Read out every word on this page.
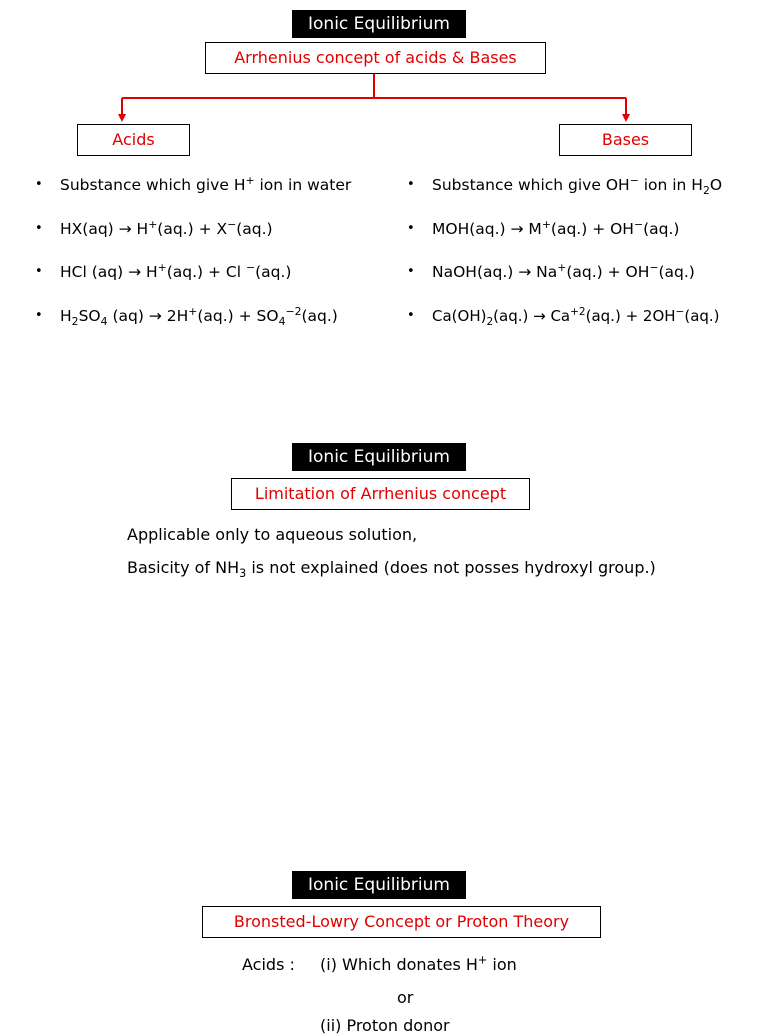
Ionic Equilibrium
Arrhenius concept of acids & Bases
Acids	Bases
• Substance which give H+ ion in water
• HX(aq) → H+(aq.) + X−(aq.)
• HCl (aq) → H+(aq.) + Cl −(aq.)
• $H_2SO_4$ $(aq) \to 2H^+(aq.) + SO_4^{-2}(aq.)$
• Substance which give OH− ion in $H_2O$
• MOH(aq.) → M+(aq.) + OH−(aq.)
• NaOH(aq.) → Na+(aq.) + OH−(aq.)
• $Ca(OH)_2(aq.) \to Ca^{+2}(aq.) + 2OH^-(aq.)$
Ionic Equilibrium
Limitation of Arrhenius concept
Applicable only to aqueous solution,
Basicity of $NH_3$ is not explained (does not posses hydroxyl group.)
Ionic Equilibrium
Bronsted-Lowry Concept or Proton Theory
Acids : (i) Which donates H+ ion
or
(ii) Proton donor
